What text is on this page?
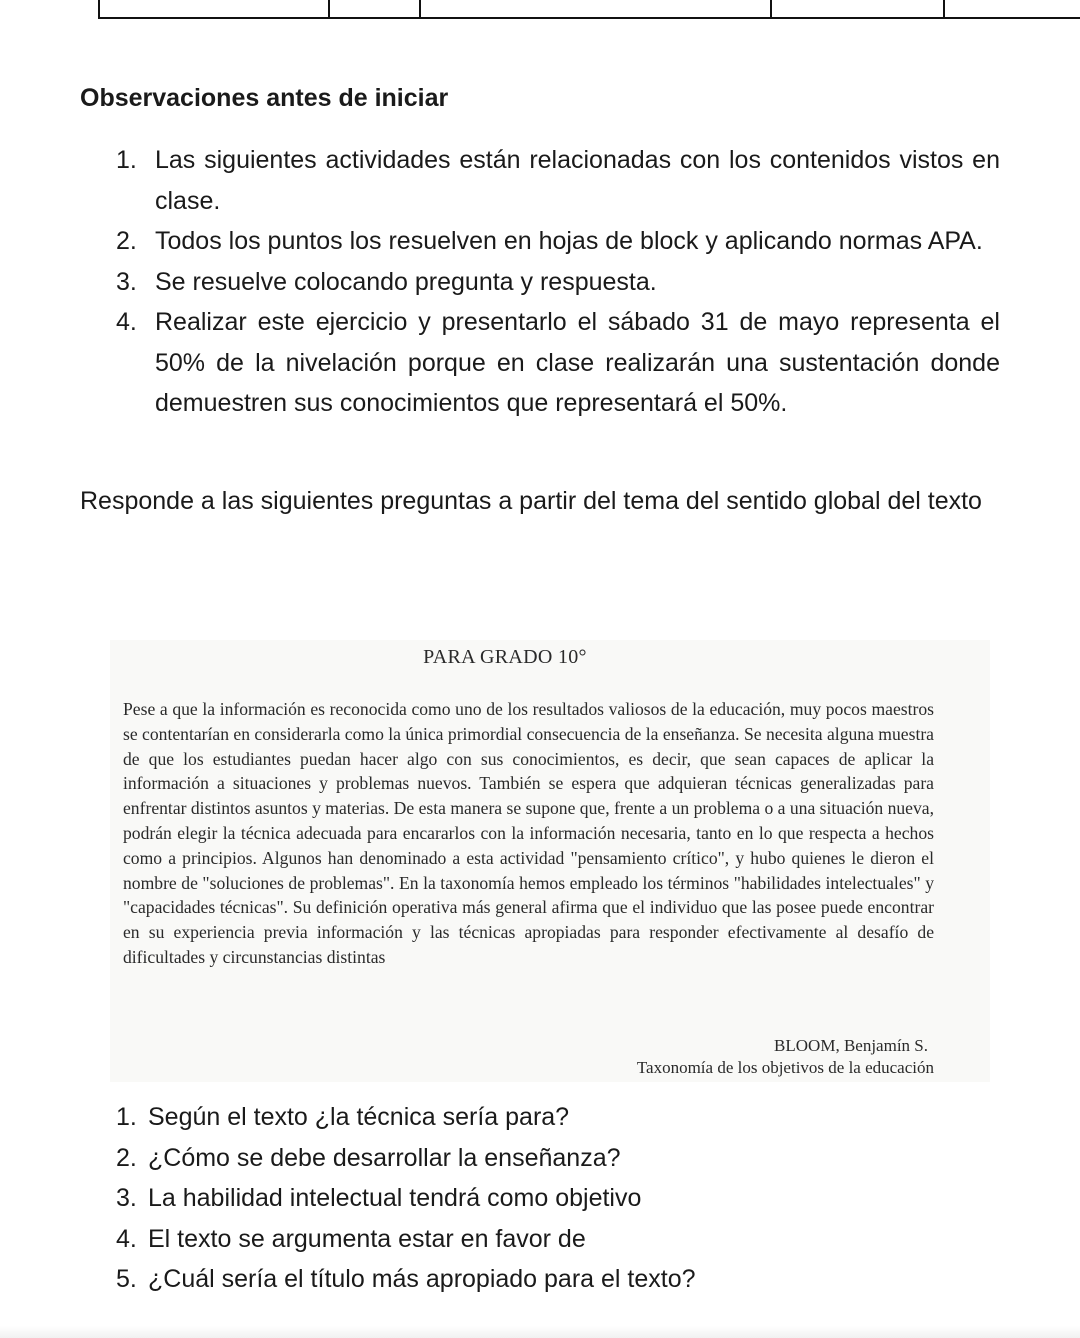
Observaciones antes de iniciar
1. Las siguientes actividades están relacionadas con los contenidos vistos en clase.
2. Todos los puntos los resuelven en hojas de block y aplicando normas APA.
3. Se resuelve colocando pregunta y respuesta.
4. Realizar este ejercicio y presentarlo el sábado 31 de mayo representa el 50% de la nivelación porque en clase realizarán una sustentación donde demuestren sus conocimientos que representará el 50%.

Responde a las siguientes preguntas a partir del tema del sentido global del texto

PARA GRADO 10°

Pese a que la información es reconocida como uno de los resultados valiosos de la educación, muy pocos maestros se contentarían en considerarla como la única primordial consecuencia de la enseñanza. Se necesita alguna muestra de que los estudiantes puedan hacer algo con sus conocimientos, es decir, que sean capaces de aplicar la información a situaciones y problemas nuevos. También se espera que adquieran técnicas generalizadas para enfrentar distintos asuntos y materias. De esta manera se supone que, frente a un problema o a una situación nueva, podrán elegir la técnica adecuada para encararlos con la información necesaria, tanto en lo que respecta a hechos como a principios. Algunos han denominado a esta actividad "pensamiento crítico", y hubo quienes le dieron el nombre de "soluciones de problemas". En la taxonomía hemos empleado los términos "habilidades intelectuales" y "capacidades técnicas". Su definición operativa más general afirma que el individuo que las posee puede encontrar en su experiencia previa información y las técnicas apropiadas para responder efectivamente al desafío de dificultades y circunstancias distintas

BLOOM, Benjamín S.
Taxonomía de los objetivos de la educación
1. Según el texto ¿la técnica sería para?
2. ¿Cómo se debe desarrollar la enseñanza?
3. La habilidad intelectual tendrá como objetivo
4. El texto se argumenta estar en favor de
5. ¿Cuál sería el título más apropiado para el texto?
